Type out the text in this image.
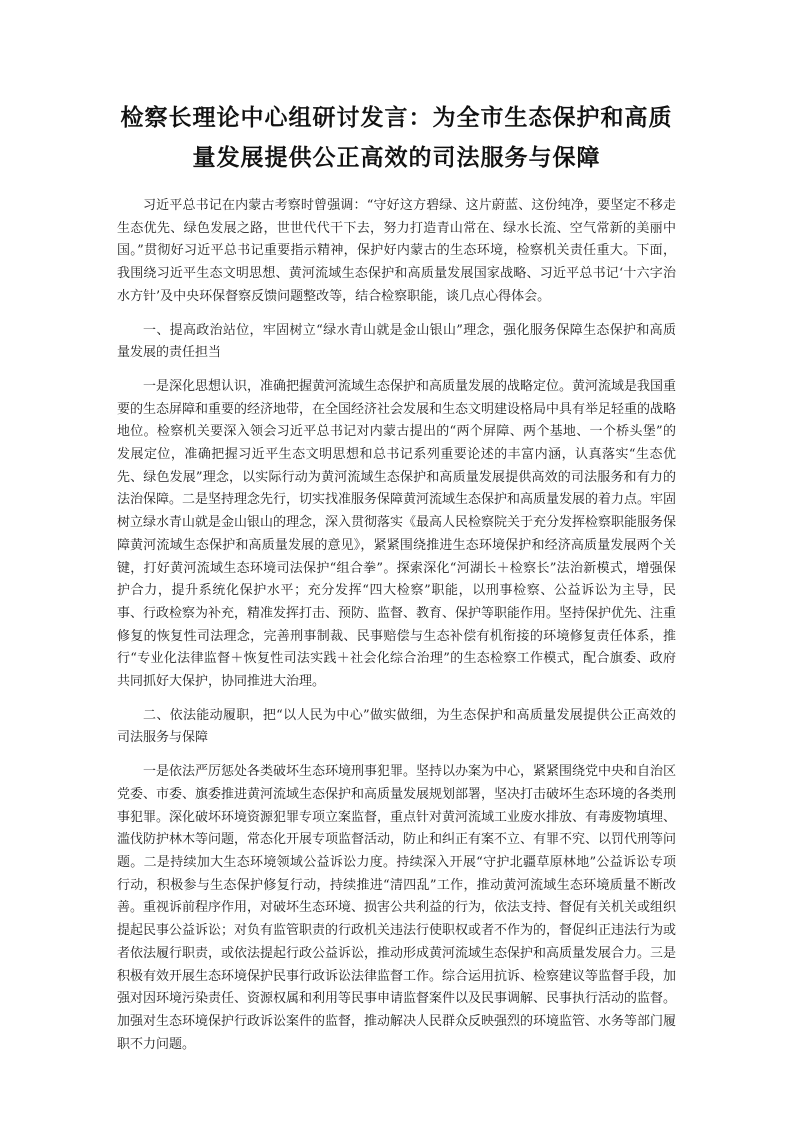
检察长理论中心组研讨发言：为全市生态保护和高质
量发展提供公正高效的司法服务与保障

习近平总书记在内蒙古考察时曾强调：“守好这方碧绿、这片蔚蓝、这份纯净，要坚定不移走生态优先、绿色发展之路，世世代代干下去，努力打造青山常在、绿水长流、空气常新的美丽中国。”贯彻好习近平总书记重要指示精神，保护好内蒙古的生态环境，检察机关责任重大。下面，我围绕习近平生态文明思想、黄河流域生态保护和高质量发展国家战略、习近平总书记‘十六字治水方针’及中央环保督察反馈问题整改等，结合检察职能，谈几点心得体会。

一、提高政治站位，牢固树立“绿水青山就是金山银山”理念，强化服务保障生态保护和高质量发展的责任担当

一是深化思想认识，准确把握黄河流域生态保护和高质量发展的战略定位。黄河流域是我国重要的生态屏障和重要的经济地带，在全国经济社会发展和生态文明建设格局中具有举足轻重的战略地位。检察机关要深入领会习近平总书记对内蒙古提出的“两个屏障、两个基地、一个桥头堡”的发展定位，准确把握习近平生态文明思想和总书记系列重要论述的丰富内涵，认真落实“生态优先、绿色发展”理念，以实际行动为黄河流域生态保护和高质量发展提供高效的司法服务和有力的法治保障。二是坚持理念先行，切实找准服务保障黄河流域生态保护和高质量发展的着力点。牢固树立绿水青山就是金山银山的理念，深入贯彻落实《最高人民检察院关于充分发挥检察职能服务保障黄河流域生态保护和高质量发展的意见》，紧紧围绕推进生态环境保护和经济高质量发展两个关键，打好黄河流域生态环境司法保护“组合拳”。探索深化“河湖长＋检察长”法治新模式，增强保护合力，提升系统化保护水平；充分发挥“四大检察”职能，以刑事检察、公益诉讼为主导，民事、行政检察为补充，精准发挥打击、预防、监督、教育、保护等职能作用。坚持保护优先、注重修复的恢复性司法理念，完善刑事制裁、民事赔偿与生态补偿有机衔接的环境修复责任体系，推行“专业化法律监督＋恢复性司法实践＋社会化综合治理”的生态检察工作模式，配合旗委、政府共同抓好大保护，协同推进大治理。

二、依法能动履职，把“以人民为中心”做实做细，为生态保护和高质量发展提供公正高效的司法服务与保障

一是依法严厉惩处各类破坏生态环境刑事犯罪。坚持以办案为中心，紧紧围绕党中央和自治区党委、市委、旗委推进黄河流域生态保护和高质量发展规划部署，坚决打击破坏生态环境的各类刑事犯罪。深化破坏环境资源犯罪专项立案监督，重点针对黄河流域工业废水排放、有毒废物填埋、滥伐防护林木等问题，常态化开展专项监督活动，防止和纠正有案不立、有罪不究、以罚代刑等问题。二是持续加大生态环境领域公益诉讼力度。持续深入开展“守护北疆草原林地”公益诉讼专项行动，积极参与生态保护修复行动，持续推进“清四乱”工作，推动黄河流域生态环境质量不断改善。重视诉前程序作用，对破坏生态环境、损害公共利益的行为，依法支持、督促有关机关或组织提起民事公益诉讼；对负有监管职责的行政机关违法行使职权或者不作为的，督促纠正违法行为或者依法履行职责，或依法提起行政公益诉讼，推动形成黄河流域生态保护和高质量发展合力。三是积极有效开展生态环境保护民事行政诉讼法律监督工作。综合运用抗诉、检察建议等监督手段，加强对因环境污染责任、资源权属和利用等民事申请监督案件以及民事调解、民事执行活动的监督。加强对生态环境保护行政诉讼案件的监督，推动解决人民群众反映强烈的环境监管、水务等部门履职不力问题。
